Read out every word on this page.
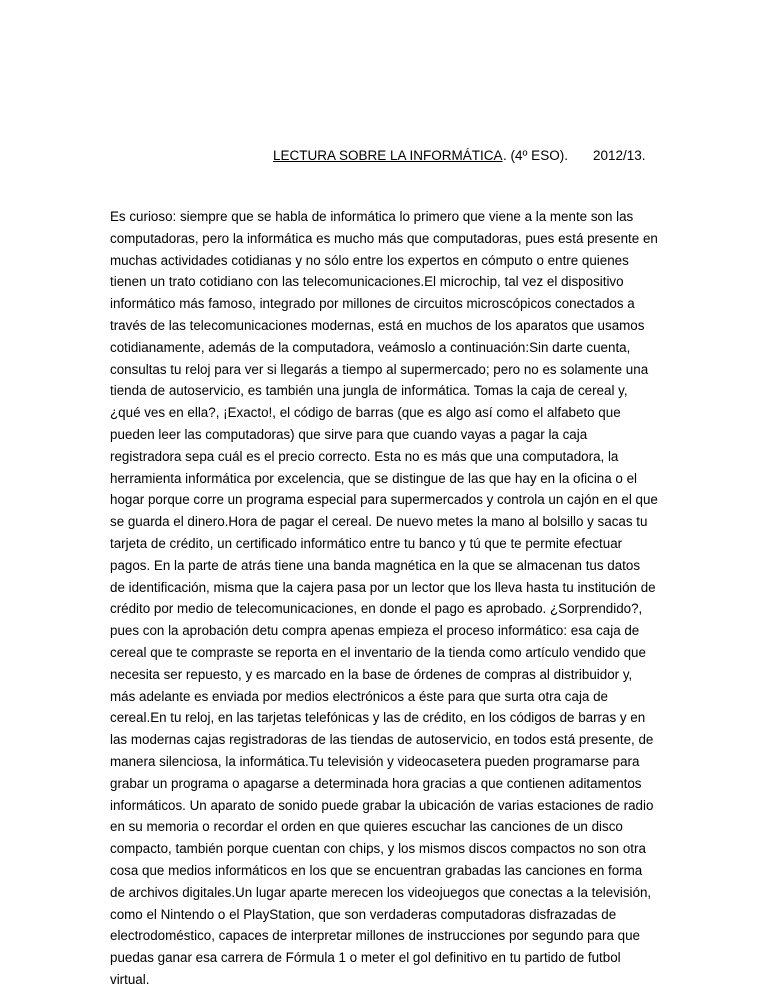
LECTURA SOBRE LA INFORMÁTICA . (4º ESO). 2012/13.

Es curioso: siempre que se habla de informática lo primero que viene a la mente son las computadoras, pero la informática es mucho más que computadoras, pues está presente en muchas actividades cotidianas y no sólo entre los expertos en cómputo o entre quienes tienen un trato cotidiano con las telecomunicaciones.El microchip, tal vez el dispositivo informático más famoso, integrado por millones de circuitos microscópicos conectados a través de las telecomunicaciones modernas, está en muchos de los aparatos que usamos cotidianamente, además de la computadora, veámoslo a continuación:Sin darte cuenta, consultas tu reloj para ver si llegarás a tiempo al supermercado; pero no es solamente una tienda de autoservicio, es también una jungla de informática. Tomas la caja de cereal y, ¿qué ves en ella?, ¡Exacto!, el código de barras (que es algo así como el alfabeto que pueden leer las computadoras) que sirve para que cuando vayas a pagar la caja registradora sepa cuál es el precio correcto. Esta no es más que una computadora, la herramienta informática por excelencia, que se distingue de las que hay en la oficina o el hogar porque corre un programa especial para supermercados y controla un cajón en el que se guarda el dinero.Hora de pagar el cereal. De nuevo metes la mano al bolsillo y sacas tu tarjeta de crédito, un certificado informático entre tu banco y tú que te permite efectuar pagos. En la parte de atrás tiene una banda magnética en la que se almacenan tus datos de identificación, misma que la cajera pasa por un lector que los lleva hasta tu institución de crédito por medio de telecomunicaciones, en donde el pago es aprobado. ¿Sorprendido?, pues con la aprobación detu compra apenas empieza el proceso informático: esa caja de cereal que te compraste se reporta en el inventario de la tienda como artículo vendido que necesita ser repuesto, y es marcado en la base de órdenes de compras al distribuidor y, más adelante es enviada por medios electrónicos a éste para que surta otra caja de cereal.En tu reloj, en las tarjetas telefónicas y las de crédito, en los códigos de barras y en las modernas cajas registradoras de las tiendas de autoservicio, en todos está presente, de manera silenciosa, la informática.Tu televisión y videocasetera pueden programarse para grabar un programa o apagarse a determinada hora gracias a que contienen aditamentos informáticos. Un aparato de sonido puede grabar la ubicación de varias estaciones de radio en su memoria o recordar el orden en que quieres escuchar las canciones de un disco compacto, también porque cuentan con chips, y los mismos discos compactos no son otra cosa que medios informáticos en los que se encuentran grabadas las canciones en forma de archivos digitales.Un lugar aparte merecen los videojuegos que conectas a la televisión, como el Nintendo o el PlayStation, que son verdaderas computadoras disfrazadas de electrodoméstico, capaces de interpretar millones de instrucciones por segundo para que puedas ganar esa carrera de Fórmula 1 o meter el gol definitivo en tu partido de futbol virtual.
